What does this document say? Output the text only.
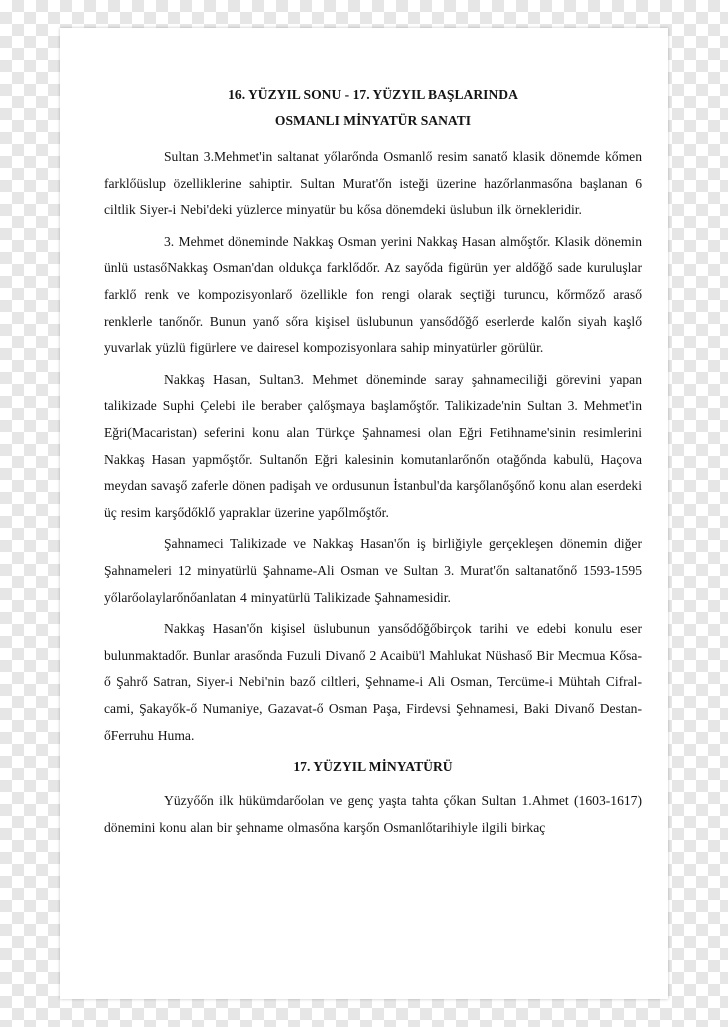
16. YÜZYIL SONU - 17. YÜZYIL BAŞLARINDA

OSMANLI MİNYATÜR SANATI

Sultan 3.Mehmet'in saltanat yőlarőnda Osmanlő resim sanatő klasik dönemde kőmen farklőüslup özelliklerine sahiptir. Sultan Murat'őn isteği üzerine hazőrlanmasőna başlanan 6 ciltlik Siyer-i Nebi'deki yüzlerce minyatür bu kősa dönemdeki üslubun ilk örnekleridir.

3. Mehmet döneminde Nakkaş Osman yerini Nakkaş Hasan almőştőr. Klasik dönemin ünlü ustasőNakkaş Osman'dan oldukça farklődőr. Az sayőda figürün yer aldőğő sade kuruluşlar farklő renk ve kompozisyonlarő özellikle fon rengi olarak seçtiği turuncu, kőrmőző araső renklerle tanőnőr. Bunun yanő sőra kişisel üslubunun yansődőğő eserlerde kalőn siyah kaşlő yuvarlak yüzlü figürlere ve dairesel kompozisyonlara sahip minyatürler görülür.

Nakkaş Hasan, Sultan3. Mehmet döneminde saray şahnameciliği görevini yapan talikizade Suphi Çelebi ile beraber çalőşmaya başlamőştőr. Talikizade'nin Sultan 3. Mehmet'in Eğri(Macaristan) seferini konu alan Türkçe Şahnamesi olan Eğri Fetihname'sinin resimlerini Nakkaş Hasan yapmőştőr. Sultanőn Eğri kalesinin komutanlarőnőn otağőnda kabulü, Haçova meydan savaşő zaferle dönen padişah ve ordusunun İstanbul'da karşőlanőşőnő konu alan eserdeki üç resim karşődőklő yapraklar üzerine yapőlmőştőr.

Şahnameci Talikizade ve Nakkaş Hasan'őn iş birliğiyle gerçekleşen dönemin diğer Şahnameleri 12 minyatürlü Şahname-Ali Osman ve Sultan 3. Murat'őn saltanatőnő 1593-1595 yőlarőolaylarőnőanlatan 4 minyatürlü Talikizade Şahnamesidir.

Nakkaş Hasan'őn kişisel üslubunun yansődőğőbirçok tarihi ve edebi konulu eser bulunmaktadőr. Bunlar arasőnda Fuzuli Divanő 2 Acaibü'l Mahlukat Nüshaső Bir Mecmua Kősa-ő Şahrő Satran, Siyer-i Nebi'nin baző ciltleri, Şehname-i Ali Osman, Tercüme-i Mühtah Cifral-cami, Şakayők-ő Numaniye, Gazavat-ő Osman Paşa, Firdevsi Şehnamesi, Baki Divanő Destan-őFerruhu Huma.

17. YÜZYIL MİNYATÜRÜ

Yüzyőőn ilk hükümdarőolan ve genç yaşta tahta çőkan Sultan 1.Ahmet (1603-1617) dönemini konu alan bir şehname olmasőna karşőn Osmanlőtarihiyle ilgili birkaç
